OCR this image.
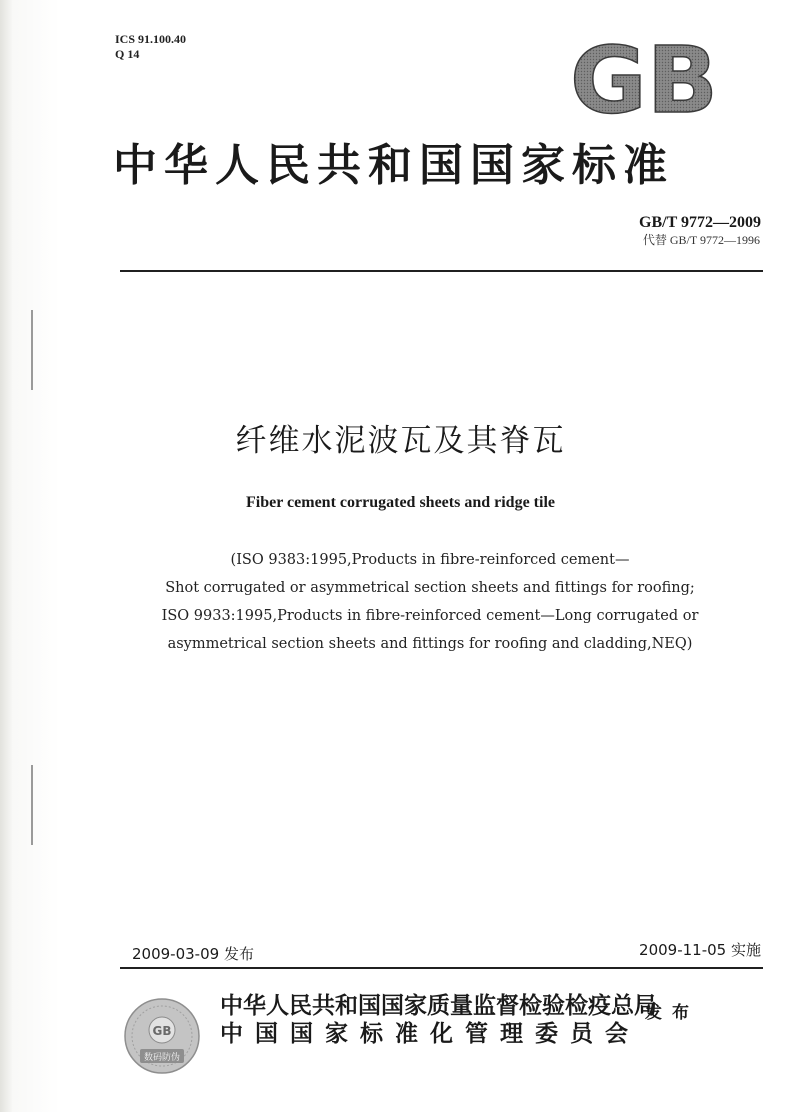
ICS 91.100.40
Q 14	GB
中华人民共和国国家标准
GB/T 9772—2009
代替 GB/T 9772—1996
纤维水泥波瓦及其脊瓦
Fiber cement corrugated sheets and ridge tile
(ISO 9383:1995,Products in fibre-reinforced cement—
Shot corrugated or asymmetrical section sheets and fittings for roofing;
ISO 9933:1995,Products in fibre-reinforced cement—Long corrugated or
asymmetrical section sheets and fittings for roofing and cladding,NEQ)
2009-03-09 发布	2009-11-05 实施
GB
数码防伪
中华人民共和国国家质量监督检验检疫总局
中国国家标准化管理委员会
发布
